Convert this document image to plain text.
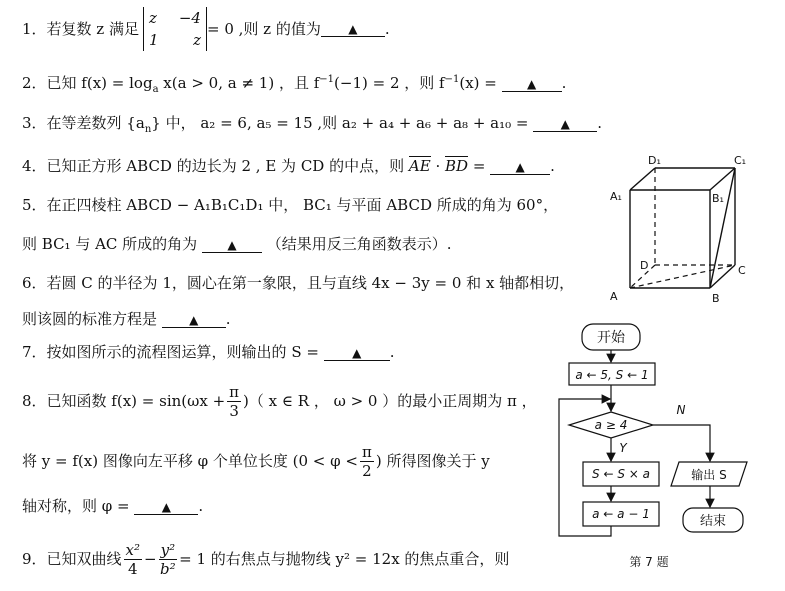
1．若复数 z 满足
z −4
1 z
= 0 ,则 z 的值为	▲	.
2．已知 $f(x) = \log_a x(a > 0$, a ≠ 1) ，且 $f^{-1}(-1) = 2$ ，则 $f^{-1}(x)$ =	▲ .
3．在等差数列 $\{a_n\}$ 中， a₂ = 6, a₅ = 15 ,则 a₂ + a₄ + a₆ + a₈ + a₁₀ =	▲ .
4．已知正方形 ABCD 的边长为 2 , E 为 CD 的中点，则 AE · BD =	▲ .
5．在正四棱柱 ABCD − A₁B₁C₁D₁ 中， BC₁ 与平面 ABCD 所成的角为 60°，
则 BC₁ 与 AC 所成的角为	▲ （结果用反三角函数表示）.
6．若圆 C 的半径为 1，圆心在第一象限，且与直线 4x − 3y = 0 和 x 轴都相切，
则该圆的标准方程是	▲ .
7．按如图所示的流程图运算，则输出的 S =	▲ .
8．已知函数 $f(x) = \sin(\omega x + \frac{\pi}{3}$ )（ x ∈ R ， ω > 0 ）的最小正周期为 π ，
将 y = f(x) 图像向左平移 φ 个单位长度 ($0 < \varphi < \frac{\pi}{2}$ ) 所得图像关于 y
轴对称，则 φ =	▲ .
9．已知双曲线 $\frac{\text{x²}}{4} - \frac{\text{y²}}{\text{b²}} = 1$ 的右焦点与抛物线 y² = 12x 的焦点重合，则
A	B
C
D
A₁	B₁
C₁
D₁
开始
a ← 5, S ← 1
a ≥ 4
Y
N
S ← S × a
a ← a − 1
输出 S
结束
第 7 题
